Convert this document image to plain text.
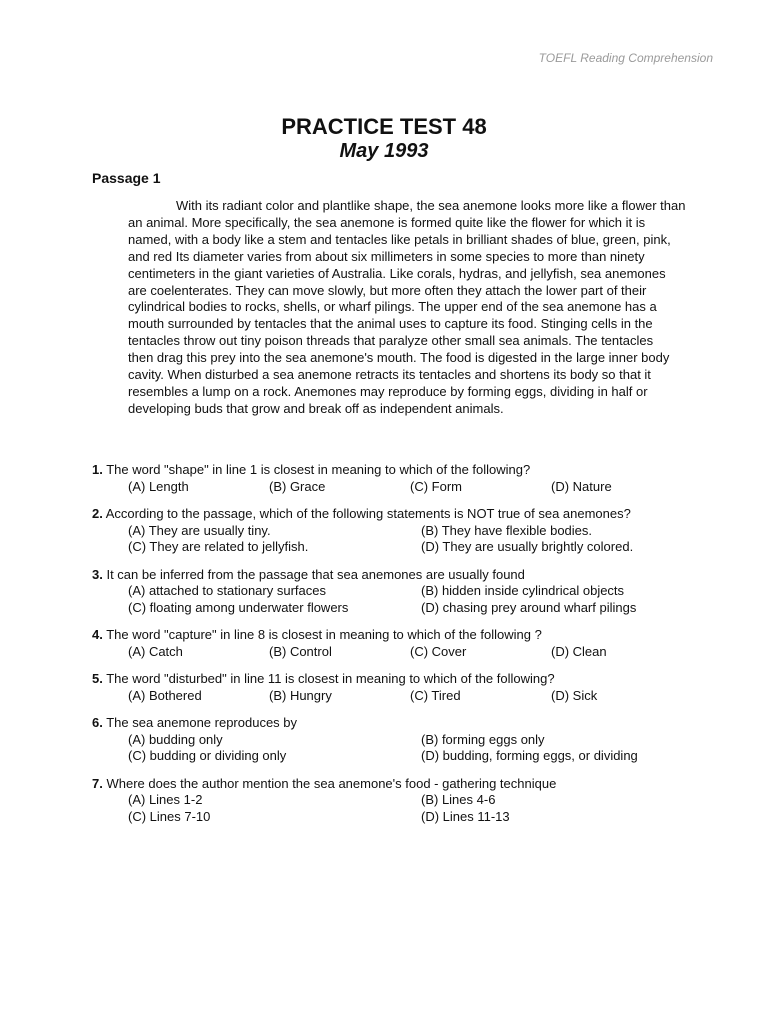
TOEFL Reading Comprehension
PRACTICE TEST 48
May 1993
Passage 1
With its radiant color and plantlike shape, the sea anemone looks more like a flower than
an animal. More specifically, the sea anemone is formed quite like the flower for which it is
named, with a body like a stem and tentacles like petals in brilliant shades of blue, green, pink,
and red Its diameter varies from about six millimeters in some species to more than ninety
centimeters in the giant varieties of Australia. Like corals, hydras, and jellyfish, sea anemones
are coelenterates. They can move slowly, but more often they attach the lower part of their
cylindrical bodies to rocks, shells, or wharf pilings. The upper end of the sea anemone has a
mouth surrounded by tentacles that the animal uses to capture its food. Stinging cells in the
tentacles throw out tiny poison threads that paralyze other small sea animals. The tentacles
then drag this prey into the sea anemone's mouth. The food is digested in the large inner body
cavity. When disturbed a sea anemone retracts its tentacles and shortens its body so that it
resembles a lump on a rock. Anemones may reproduce by forming eggs, dividing in half or
developing buds that grow and break off as independent animals.
1. The word "shape" in line 1 is closest in meaning to which of the following?
(A) Length	(B) Grace	(C) Form	(D) Nature
2. According to the passage, which of the following statements is NOT true of sea anemones?
(A) They are usually tiny.	(B) They have flexible bodies.
(C) They are related to jellyfish.	(D) They are usually brightly colored.
3. It can be inferred from the passage that sea anemones are usually found
(A) attached to stationary surfaces	(B) hidden inside cylindrical objects
(C) floating among underwater flowers	(D) chasing prey around wharf pilings
4. The word "capture" in line 8 is closest in meaning to which of the following ?
(A) Catch	(B) Control	(C) Cover	(D) Clean
5. The word "disturbed" in line 11 is closest in meaning to which of the following?
(A) Bothered	(B) Hungry	(C) Tired	(D) Sick
6. The sea anemone reproduces by
(A) budding only	(B) forming eggs only
(C) budding or dividing only	(D) budding, forming eggs, or dividing
7. Where does the author mention the sea anemone's food - gathering technique
(A) Lines 1-2	(B) Lines 4-6
(C) Lines 7-10	(D) Lines 11-13
